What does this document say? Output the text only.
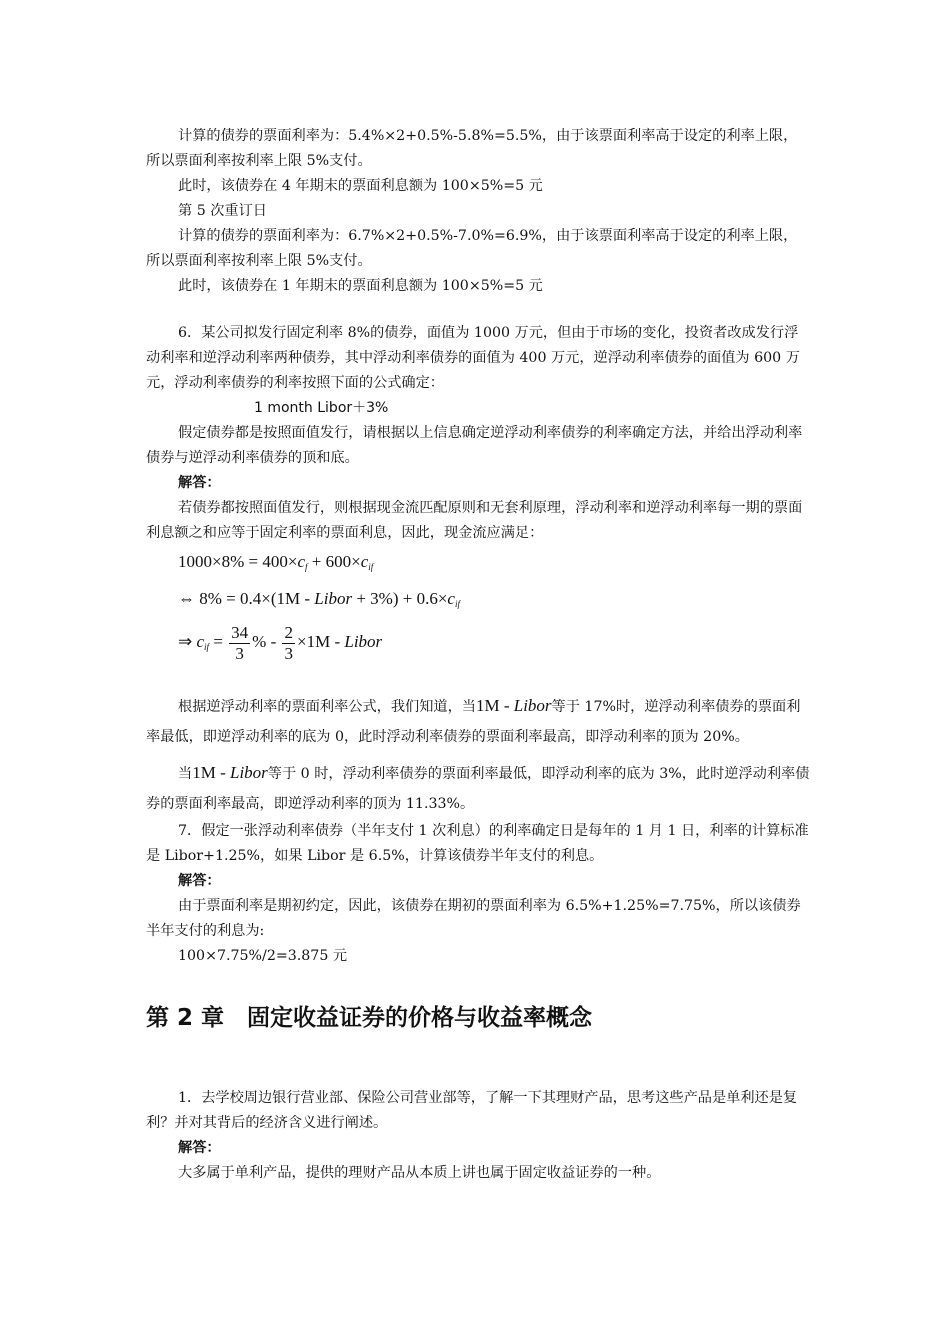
计算的债券的票面利率为：5.4%×2+0.5%-5.8%=5.5%，由于该票面利率高于设定的利率上限，所以票面利率按利率上限 5%支付。

此时，该债券在 4 年期末的票面利息额为 100×5%=5 元

第 5 次重订日

计算的债券的票面利率为：6.7%×2+0.5%-7.0%=6.9%，由于该票面利率高于设定的利率上限，所以票面利率按利率上限 5%支付。

此时，该债券在 1 年期末的票面利息额为 100×5%=5 元

6．某公司拟发行固定利率 8%的债券，面值为 1000 万元，但由于市场的变化，投资者改成发行浮动利率和逆浮动利率两种债券，其中浮动利率债券的面值为 400 万元，逆浮动利率债券的面值为 600 万元，浮动利率债券的利率按照下面的公式确定：

1 month Libor＋3%

假定债券都是按照面值发行，请根据以上信息确定逆浮动利率债券的利率确定方法，并给出浮动利率债券与逆浮动利率债券的顶和底。

解答：

若债券都按照面值发行，则根据现金流匹配原则和无套利原理，浮动利率和逆浮动利率每一期的票面利息额之和应等于固定利率的票面利息，因此，现金流应满足：

$1000\times 8\% = 400\times c_f + 600\times c_{if}$

⇔ 8% = 0.4×(1M - Libor + $3\%) + 0.6\times c_{if}$

⇒ $c_{if} = \frac{34}{3}$ % - $\frac{2}{3} \times 1M$ - Libor

根据逆浮动利率的票面利率公式，我们知道，当1M - Libor等于 17%时，逆浮动利率债券的票面利率最低，即逆浮动利率的底为 0，此时浮动利率债券的票面利率最高，即浮动利率的顶为 20%。

当1M - Libor等于 0 时，浮动利率债券的票面利率最低，即浮动利率的底为 3%，此时逆浮动利率债券的票面利率最高，即逆浮动利率的顶为 11.33%。

7．假定一张浮动利率债券（半年支付 1 次利息）的利率确定日是每年的 1 月 1 日，利率的计算标准是 Libor+1.25%，如果 Libor 是 6.5%，计算该债券半年支付的利息。

解答：

由于票面利率是期初约定，因此，该债券在期初的票面利率为 6.5%+1.25%=7.75%，所以该债券半年支付的利息为:

100×7.75%/2=3.875 元

第 2 章　固定收益证券的价格与收益率概念

1．去学校周边银行营业部、保险公司营业部等，了解一下其理财产品，思考这些产品是单利还是复利？并对其背后的经济含义进行阐述。

解答：

大多属于单利产品，提供的理财产品从本质上讲也属于固定收益证券的一种。
